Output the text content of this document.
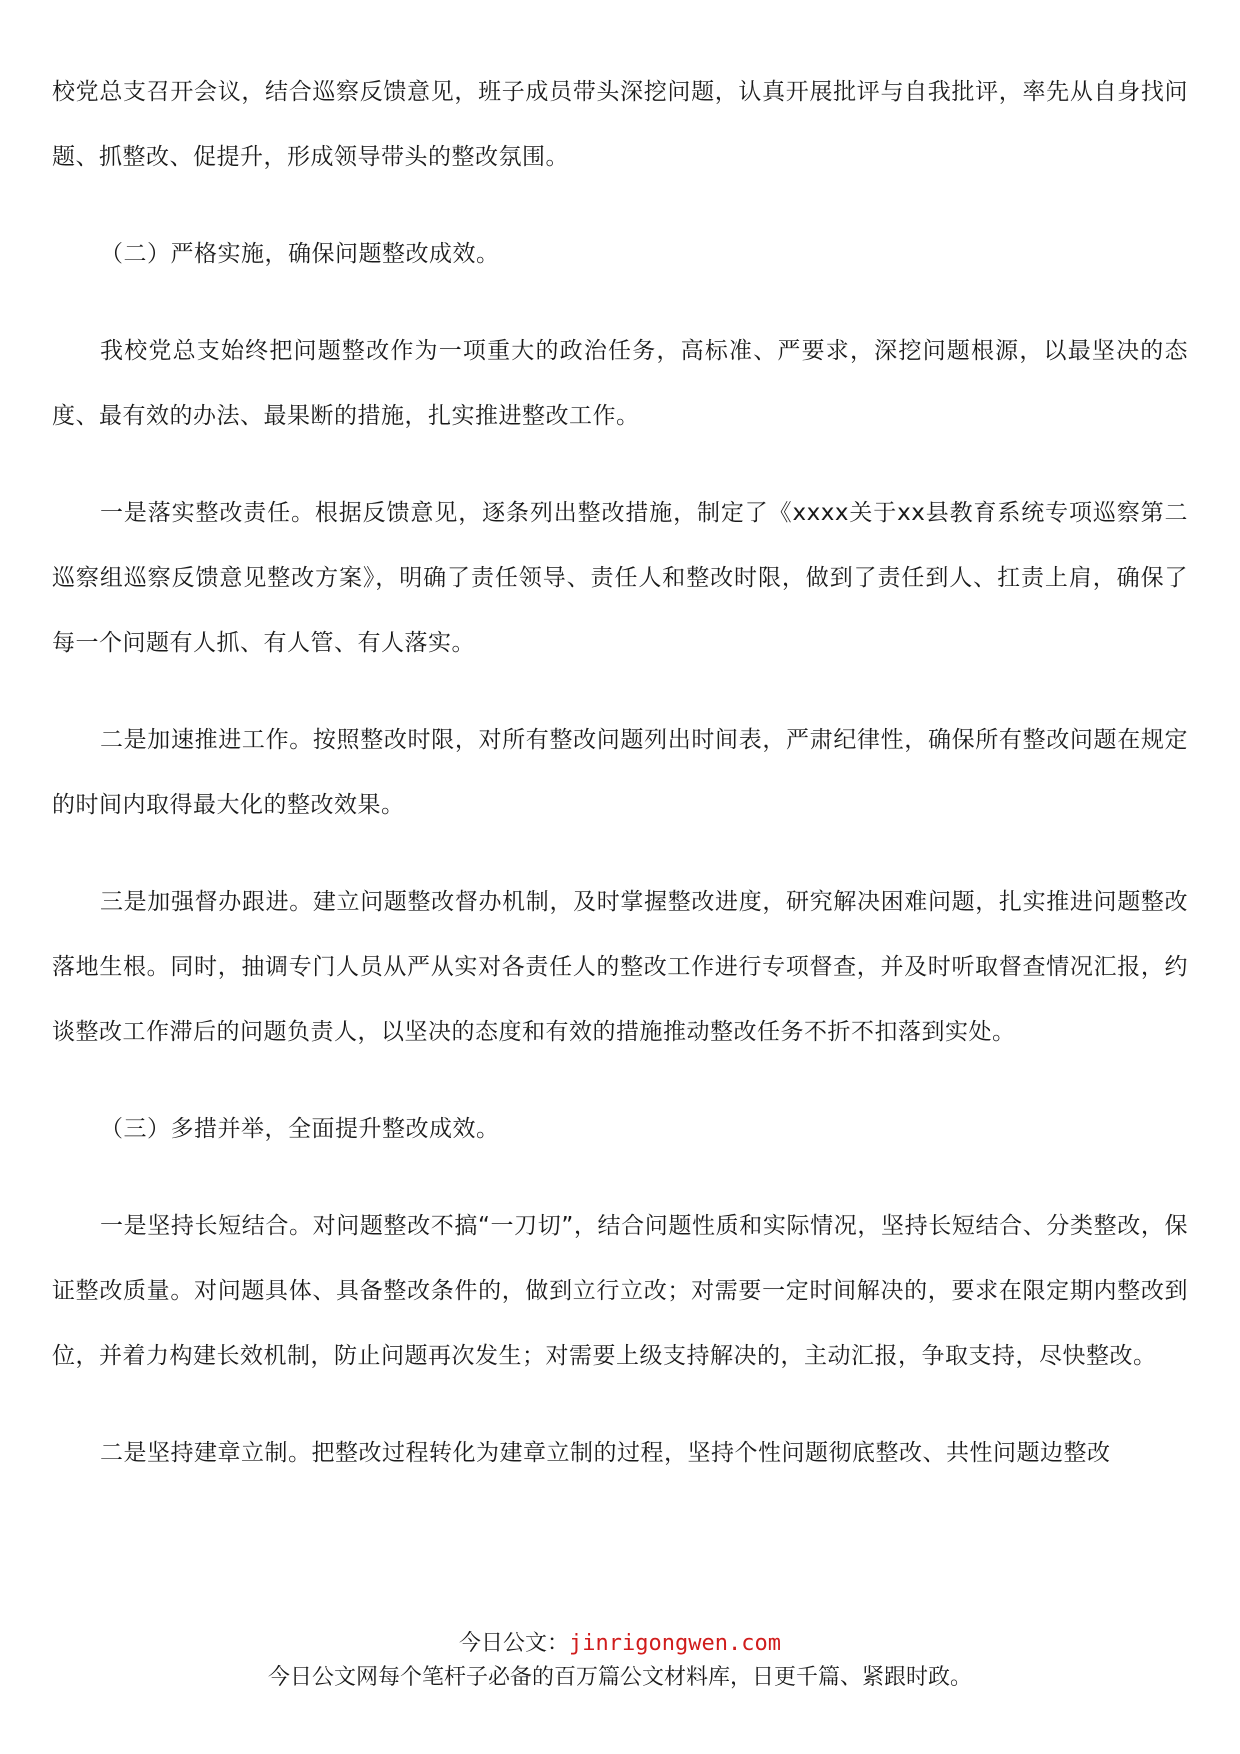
校党总支召开会议，结合巡察反馈意见，班子成员带头深挖问题，认真开展批评与自我批评，率先从自身找问题、抓整改、促提升，形成领导带头的整改氛围。

（二）严格实施，确保问题整改成效。

我校党总支始终把问题整改作为一项重大的政治任务，高标准、严要求，深挖问题根源，以最坚决的态度、最有效的办法、最果断的措施，扎实推进整改工作。

一是落实整改责任。根据反馈意见，逐条列出整改措施，制定了《xxxx关于xx县教育系统专项巡察第二巡察组巡察反馈意见整改方案》，明确了责任领导、责任人和整改时限，做到了责任到人、扛责上肩，确保了每一个问题有人抓、有人管、有人落实。

二是加速推进工作。按照整改时限，对所有整改问题列出时间表，严肃纪律性，确保所有整改问题在规定的时间内取得最大化的整改效果。

三是加强督办跟进。建立问题整改督办机制，及时掌握整改进度，研究解决困难问题，扎实推进问题整改落地生根。同时，抽调专门人员从严从实对各责任人的整改工作进行专项督查，并及时听取督查情况汇报，约谈整改工作滞后的问题负责人，以坚决的态度和有效的措施推动整改任务不折不扣落到实处。

（三）多措并举，全面提升整改成效。

一是坚持长短结合。对问题整改不搞“一刀切”，结合问题性质和实际情况，坚持长短结合、分类整改，保证整改质量。对问题具体、具备整改条件的，做到立行立改；对需要一定时间解决的，要求在限定期内整改到位，并着力构建长效机制，防止问题再次发生；对需要上级支持解决的，主动汇报，争取支持，尽快整改。

二是坚持建章立制。把整改过程转化为建章立制的过程，坚持个性问题彻底整改、共性问题边整改

今日公文：jinrigongwen.com
今日公文网每个笔杆子必备的百万篇公文材料库，日更千篇、紧跟时政。
